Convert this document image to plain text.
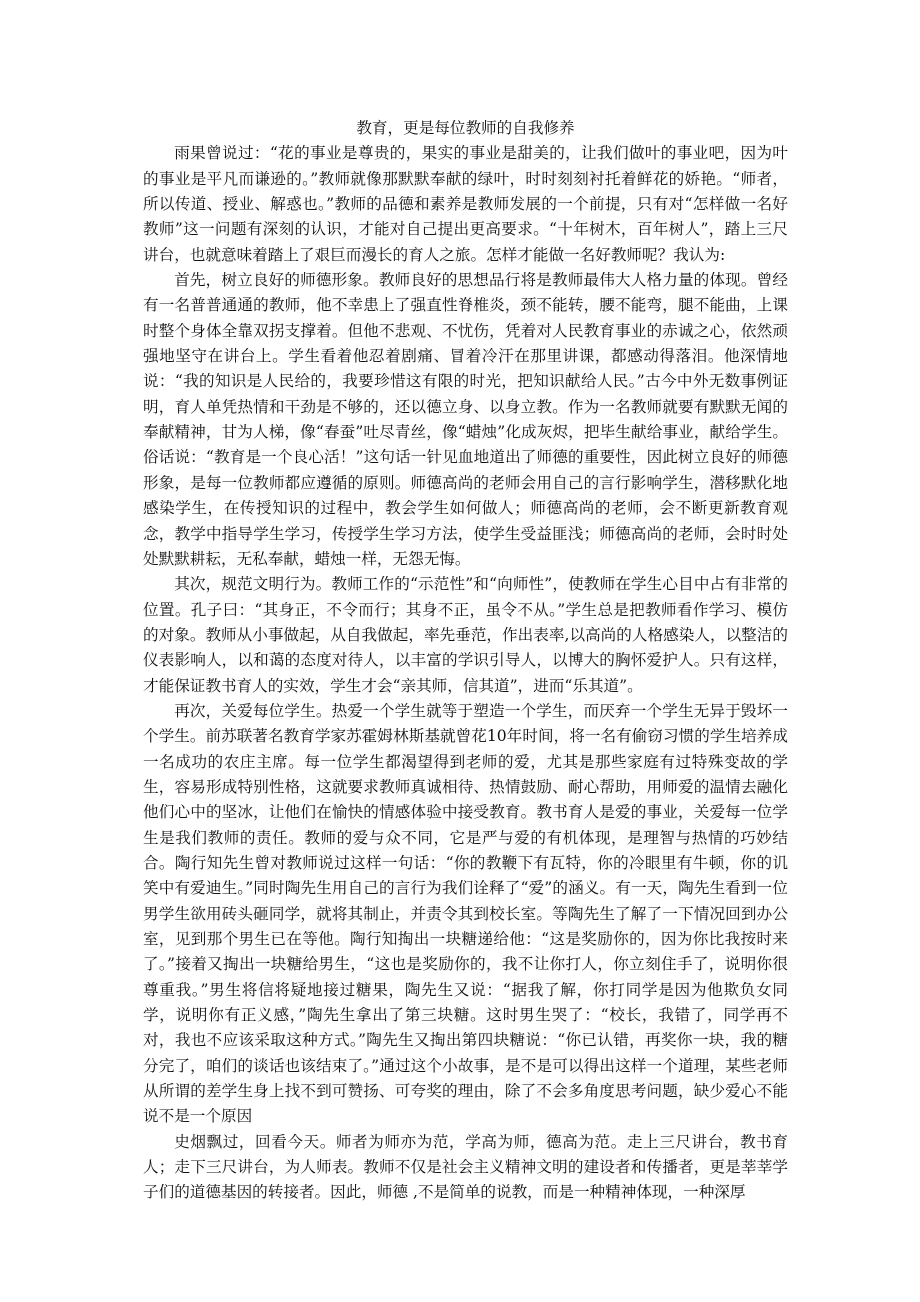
教育，更是每位教师的自我修养

雨果曾说过：“花的事业是尊贵的，果实的事业是甜美的，让我们做叶的事业吧，因为叶的事业是平凡而谦逊的。”教师就像那默默奉献的绿叶，时时刻刻衬托着鲜花的娇艳。“师者，所以传道、授业、解惑也。”教师的品德和素养是教师发展的一个前提，只有对“怎样做一名好教师”这一问题有深刻的认识，才能对自己提出更高要求。“十年树木，百年树人”，踏上三尺讲台，也就意味着踏上了艰巨而漫长的育人之旅。怎样才能做一名好教师呢？我认为:

首先，树立良好的师德形象。教师良好的思想品行将是教师最伟大人格力量的体现。曾经有一名普普通通的教师，他不幸患上了强直性脊椎炎，颈不能转，腰不能弯，腿不能曲，上课时整个身体全靠双拐支撑着。但他不悲观、不忧伤，凭着对人民教育事业的赤诚之心，依然顽强地坚守在讲台上。学生看着他忍着剧痛、冒着冷汗在那里讲课，都感动得落泪。他深情地说：“我的知识是人民给的，我要珍惜这有限的时光，把知识献给人民。”古今中外无数事例证明，育人单凭热情和干劲是不够的，还以德立身、以身立教。作为一名教师就要有默默无闻的奉献精神，甘为人梯，像“春蚕”吐尽青丝，像“蜡烛”化成灰烬，把毕生献给事业，献给学生。俗话说：“教育是一个良心活！”这句话一针见血地道出了师德的重要性，因此树立良好的师德形象，是每一位教师都应遵循的原则。师德高尚的老师会用自己的言行影响学生，潜移默化地感染学生，在传授知识的过程中，教会学生如何做人；师德高尚的老师，会不断更新教育观念，教学中指导学生学习，传授学生学习方法，使学生受益匪浅；师德高尚的老师，会时时处处默默耕耘，无私奉献，蜡烛一样，无怨无悔。

其次，规范文明行为。教师工作的“示范性”和“向师性”，使教师在学生心目中占有非常的位置。孔子曰：“其身正，不令而行；其身不正，虽令不从。”学生总是把教师看作学习、模仿的对象。教师从小事做起，从自我做起，率先垂范，作出表率,以高尚的人格感染人，以整洁的仪表影响人，以和蔼的态度对待人，以丰富的学识引导人，以博大的胸怀爱护人。只有这样，才能保证教书育人的实效，学生才会“亲其师，信其道”，进而“乐其道”。

再次，关爱每位学生。热爱一个学生就等于塑造一个学生，而厌弃一个学生无异于毁坏一个学生。前苏联著名教育学家苏霍姆林斯基就曾花10年时间，将一名有偷窃习惯的学生培养成一名成功的农庄主席。每一位学生都渴望得到老师的爱，尤其是那些家庭有过特殊变故的学生，容易形成特别性格，这就要求教师真诚相待、热情鼓励、耐心帮助，用师爱的温情去融化他们心中的坚冰，让他们在愉快的情感体验中接受教育。教书育人是爱的事业，关爱每一位学生是我们教师的责任。教师的爱与众不同，它是严与爱的有机体现，是理智与热情的巧妙结合。陶行知先生曾对教师说过这样一句话：“你的教鞭下有瓦特，你的冷眼里有牛顿，你的讥笑中有爱迪生。”同时陶先生用自己的言行为我们诠释了“爱”的涵义。有一天，陶先生看到一位男学生欲用砖头砸同学，就将其制止，并责令其到校长室。等陶先生了解了一下情况回到办公室，见到那个男生已在等他。陶行知掏出一块糖递给他：“这是奖励你的，因为你比我按时来了。”接着又掏出一块糖给男生，“这也是奖励你的，我不让你打人，你立刻住手了，说明你很尊重我。”男生将信将疑地接过糖果，陶先生又说：“据我了解，你打同学是因为他欺负女同学，说明你有正义感，”陶先生拿出了第三块糖。这时男生哭了：“校长，我错了，同学再不对，我也不应该采取这种方式。”陶先生又掏出第四块糖说：“你已认错，再奖你一块，我的糖分完了，咱们的谈话也该结束了。”通过这个小故事，是不是可以得出这样一个道理，某些老师从所谓的差学生身上找不到可赞扬、可夸奖的理由，除了不会多角度思考问题，缺少爱心不能说不是一个原因

史烟飘过，回看今天。师者为师亦为范，学高为师，德高为范。走上三尺讲台，教书育人；走下三尺讲台，为人师表。教师不仅是社会主义精神文明的建设者和传播者，更是莘莘学子们的道德基因的转接者。因此，师德 ,不是简单的说教，而是一种精神体现，一种深厚
